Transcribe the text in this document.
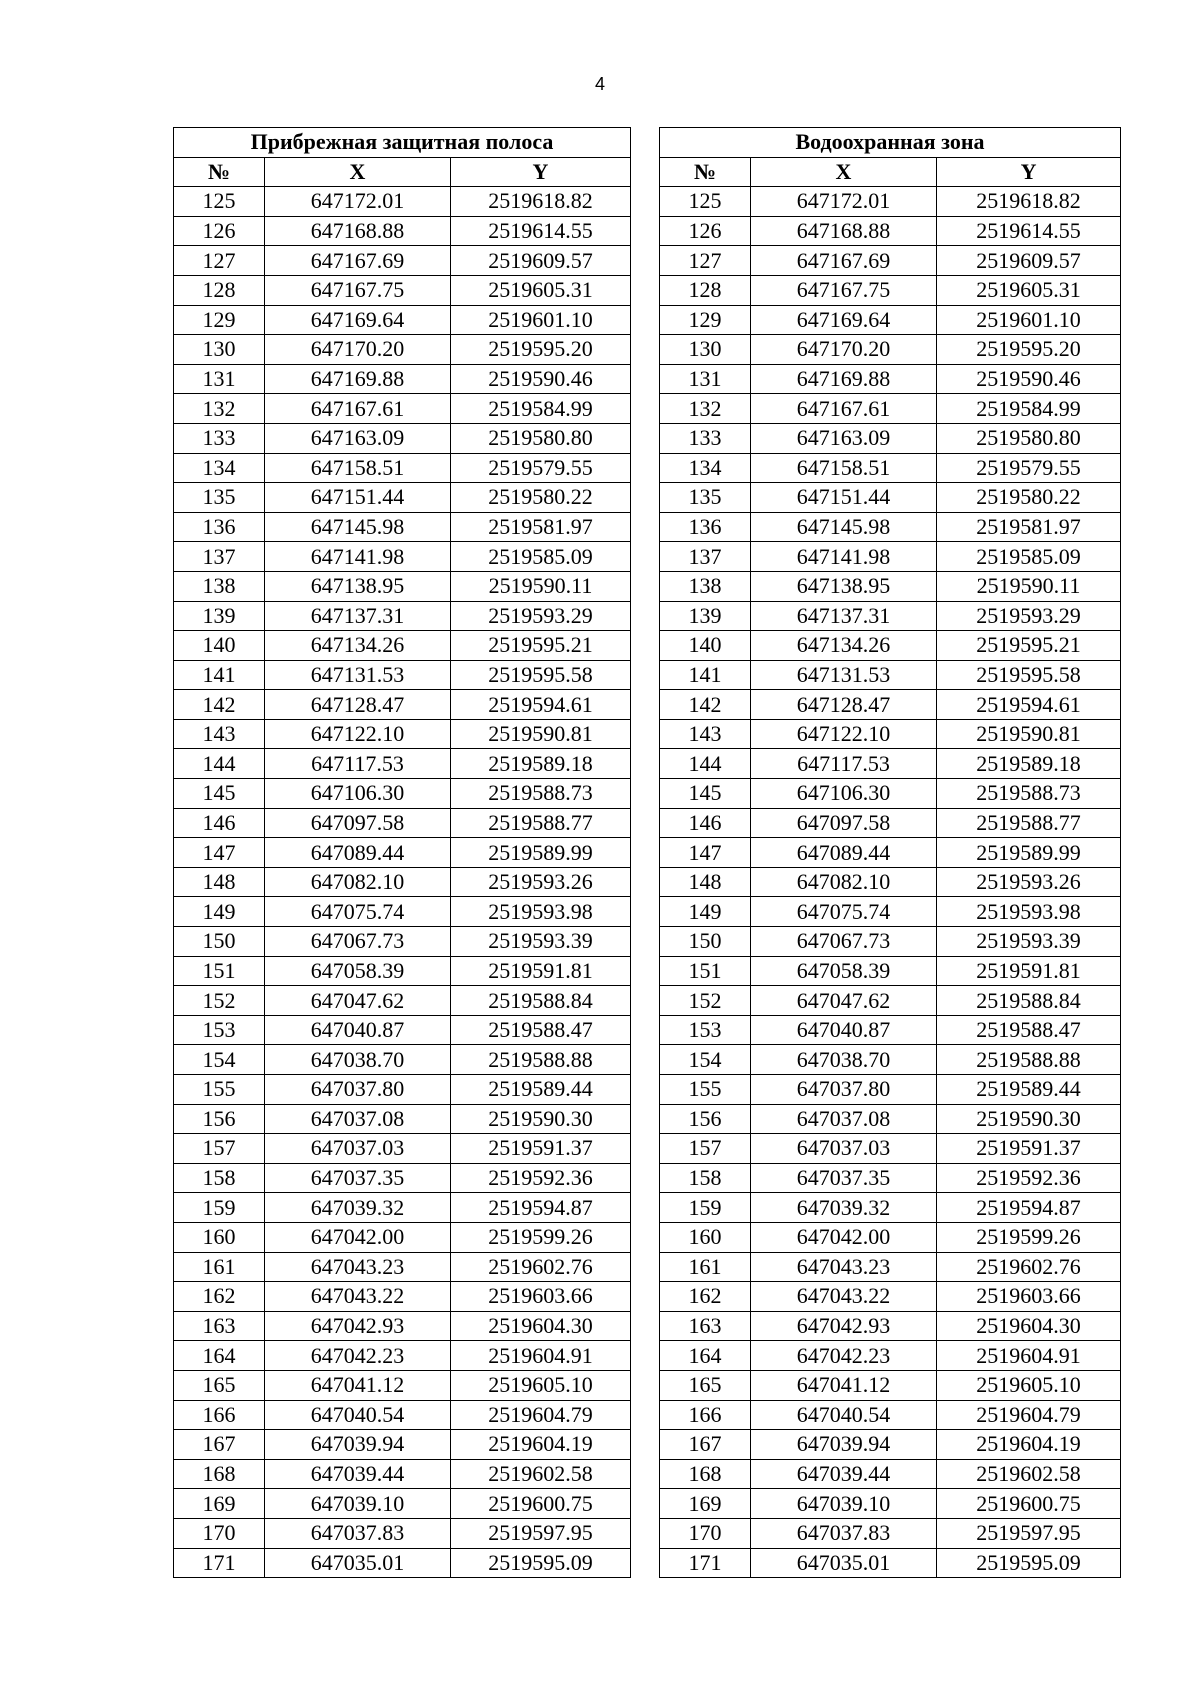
4
Прибрежная защитная полоса				Водоохранная зона		
№	X	Y		№	X	Y
125	647172.01	2519618.82		125	647172.01	2519618.82
126	647168.88	2519614.55		126	647168.88	2519614.55
127	647167.69	2519609.57		127	647167.69	2519609.57
128	647167.75	2519605.31		128	647167.75	2519605.31
129	647169.64	2519601.10		129	647169.64	2519601.10
130	647170.20	2519595.20		130	647170.20	2519595.20
131	647169.88	2519590.46		131	647169.88	2519590.46
132	647167.61	2519584.99		132	647167.61	2519584.99
133	647163.09	2519580.80		133	647163.09	2519580.80
134	647158.51	2519579.55		134	647158.51	2519579.55
135	647151.44	2519580.22		135	647151.44	2519580.22
136	647145.98	2519581.97		136	647145.98	2519581.97
137	647141.98	2519585.09		137	647141.98	2519585.09
138	647138.95	2519590.11		138	647138.95	2519590.11
139	647137.31	2519593.29		139	647137.31	2519593.29
140	647134.26	2519595.21		140	647134.26	2519595.21
141	647131.53	2519595.58		141	647131.53	2519595.58
142	647128.47	2519594.61		142	647128.47	2519594.61
143	647122.10	2519590.81		143	647122.10	2519590.81
144	647117.53	2519589.18		144	647117.53	2519589.18
145	647106.30	2519588.73		145	647106.30	2519588.73
146	647097.58	2519588.77		146	647097.58	2519588.77
147	647089.44	2519589.99		147	647089.44	2519589.99
148	647082.10	2519593.26		148	647082.10	2519593.26
149	647075.74	2519593.98		149	647075.74	2519593.98
150	647067.73	2519593.39		150	647067.73	2519593.39
151	647058.39	2519591.81		151	647058.39	2519591.81
152	647047.62	2519588.84		152	647047.62	2519588.84
153	647040.87	2519588.47		153	647040.87	2519588.47
154	647038.70	2519588.88		154	647038.70	2519588.88
155	647037.80	2519589.44		155	647037.80	2519589.44
156	647037.08	2519590.30		156	647037.08	2519590.30
157	647037.03	2519591.37		157	647037.03	2519591.37
158	647037.35	2519592.36		158	647037.35	2519592.36
159	647039.32	2519594.87		159	647039.32	2519594.87
160	647042.00	2519599.26		160	647042.00	2519599.26
161	647043.23	2519602.76		161	647043.23	2519602.76
162	647043.22	2519603.66		162	647043.22	2519603.66
163	647042.93	2519604.30		163	647042.93	2519604.30
164	647042.23	2519604.91		164	647042.23	2519604.91
165	647041.12	2519605.10		165	647041.12	2519605.10
166	647040.54	2519604.79		166	647040.54	2519604.79
167	647039.94	2519604.19		167	647039.94	2519604.19
168	647039.44	2519602.58		168	647039.44	2519602.58
169	647039.10	2519600.75		169	647039.10	2519600.75
170	647037.83	2519597.95		170	647037.83	2519597.95
171	647035.01	2519595.09		171	647035.01	2519595.09
